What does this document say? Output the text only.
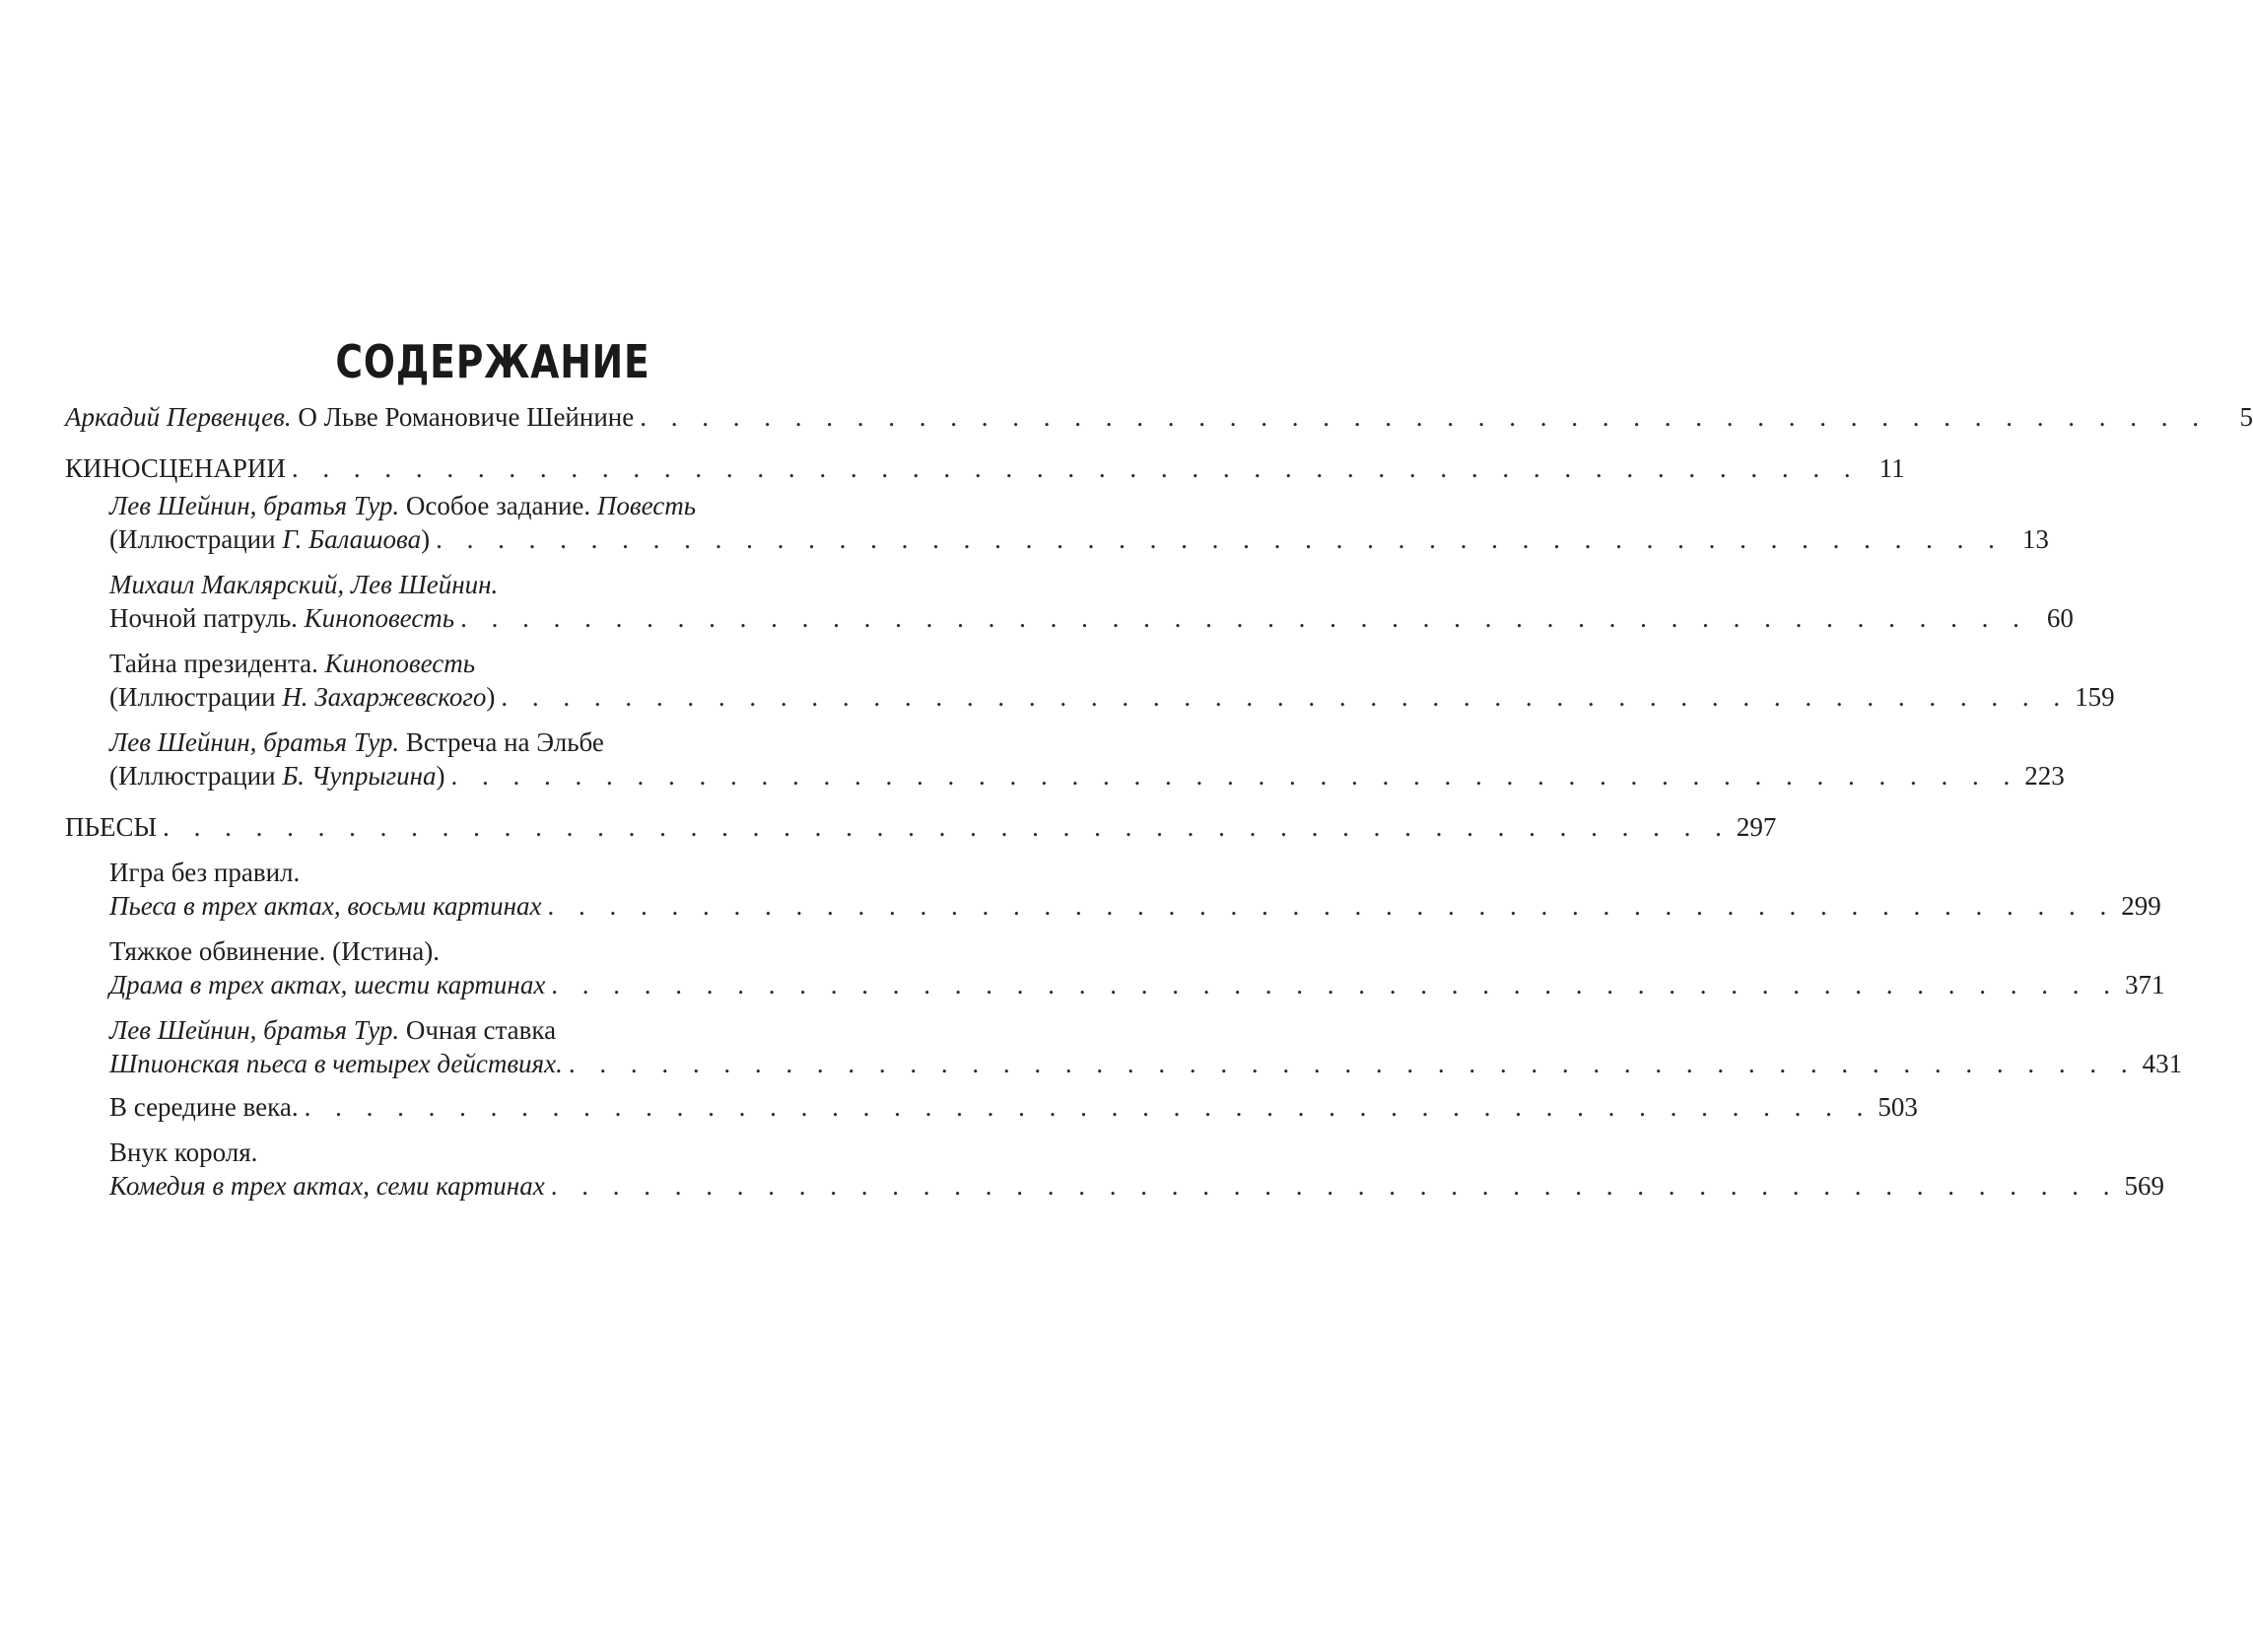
СОДЕРЖАНИЕ
Аркадий Первенцев. О Льве Романовиче Шейнине . . . . . . . . . . . . . . . . . . . . . . . . . . . . . . . . . . . . . . . . . . . . . . . . . . .	5
КИНОСЦЕНАРИИ . . . . . . . . . . . . . . . . . . . . . . . . . . . . . . . . . . . . . . . . . . . . . . . . . . . 11
Лев Шейнин, братья Тур. Особое задание. Повесть
(Иллюстрации Г. Балашова) . . . . . . . . . . . . . . . . . . . . . . . . . . . . . . . . . . . . . . . . . . . . . . . . . . . 13
Михаил Маклярский, Лев Шейнин.
Ночной патруль. Киноповесть . . . . . . . . . . . . . . . . . . . . . . . . . . . . . . . . . . . . . . . . . . . . . . . . . . . 60
Тайна президента. Киноповесть
(Иллюстрации Н. Захаржевского) . . . . . . . . . . . . . . . . . . . . . . . . . . . . . . . . . . . . . . . . . . . . . . . . . . . 159
Лев Шейнин, братья Тур. Встреча на Эльбе
(Иллюстрации Б. Чупрыгина) . . . . . . . . . . . . . . . . . . . . . . . . . . . . . . . . . . . . . . . . . . . . . . . . . . . 223
ПЬЕСЫ . . . . . . . . . . . . . . . . . . . . . . . . . . . . . . . . . . . . . . . . . . . . . . . . . . . 297
Игра без правил.
Пьеса в трех актах, восьми картинах . . . . . . . . . . . . . . . . . . . . . . . . . . . . . . . . . . . . . . . . . . . . . . . . . . . 299
Тяжкое обвинение. (Истина).
Драма в трех актах, шести картинах . . . . . . . . . . . . . . . . . . . . . . . . . . . . . . . . . . . . . . . . . . . . . . . . . . . 371
Лев Шейнин, братья Тур. Очная ставка
Шпионская пьеса в четырех действиях. . . . . . . . . . . . . . . . . . . . . . . . . . . . . . . . . . . . . . . . . . . . . . . . . . . . 431
В середине века. . . . . . . . . . . . . . . . . . . . . . . . . . . . . . . . . . . . . . . . . . . . . . . . . . . . 503
Внук короля.
Комедия в трех актах, семи картинах . . . . . . . . . . . . . . . . . . . . . . . . . . . . . . . . . . . . . . . . . . . . . . . . . . . 569
